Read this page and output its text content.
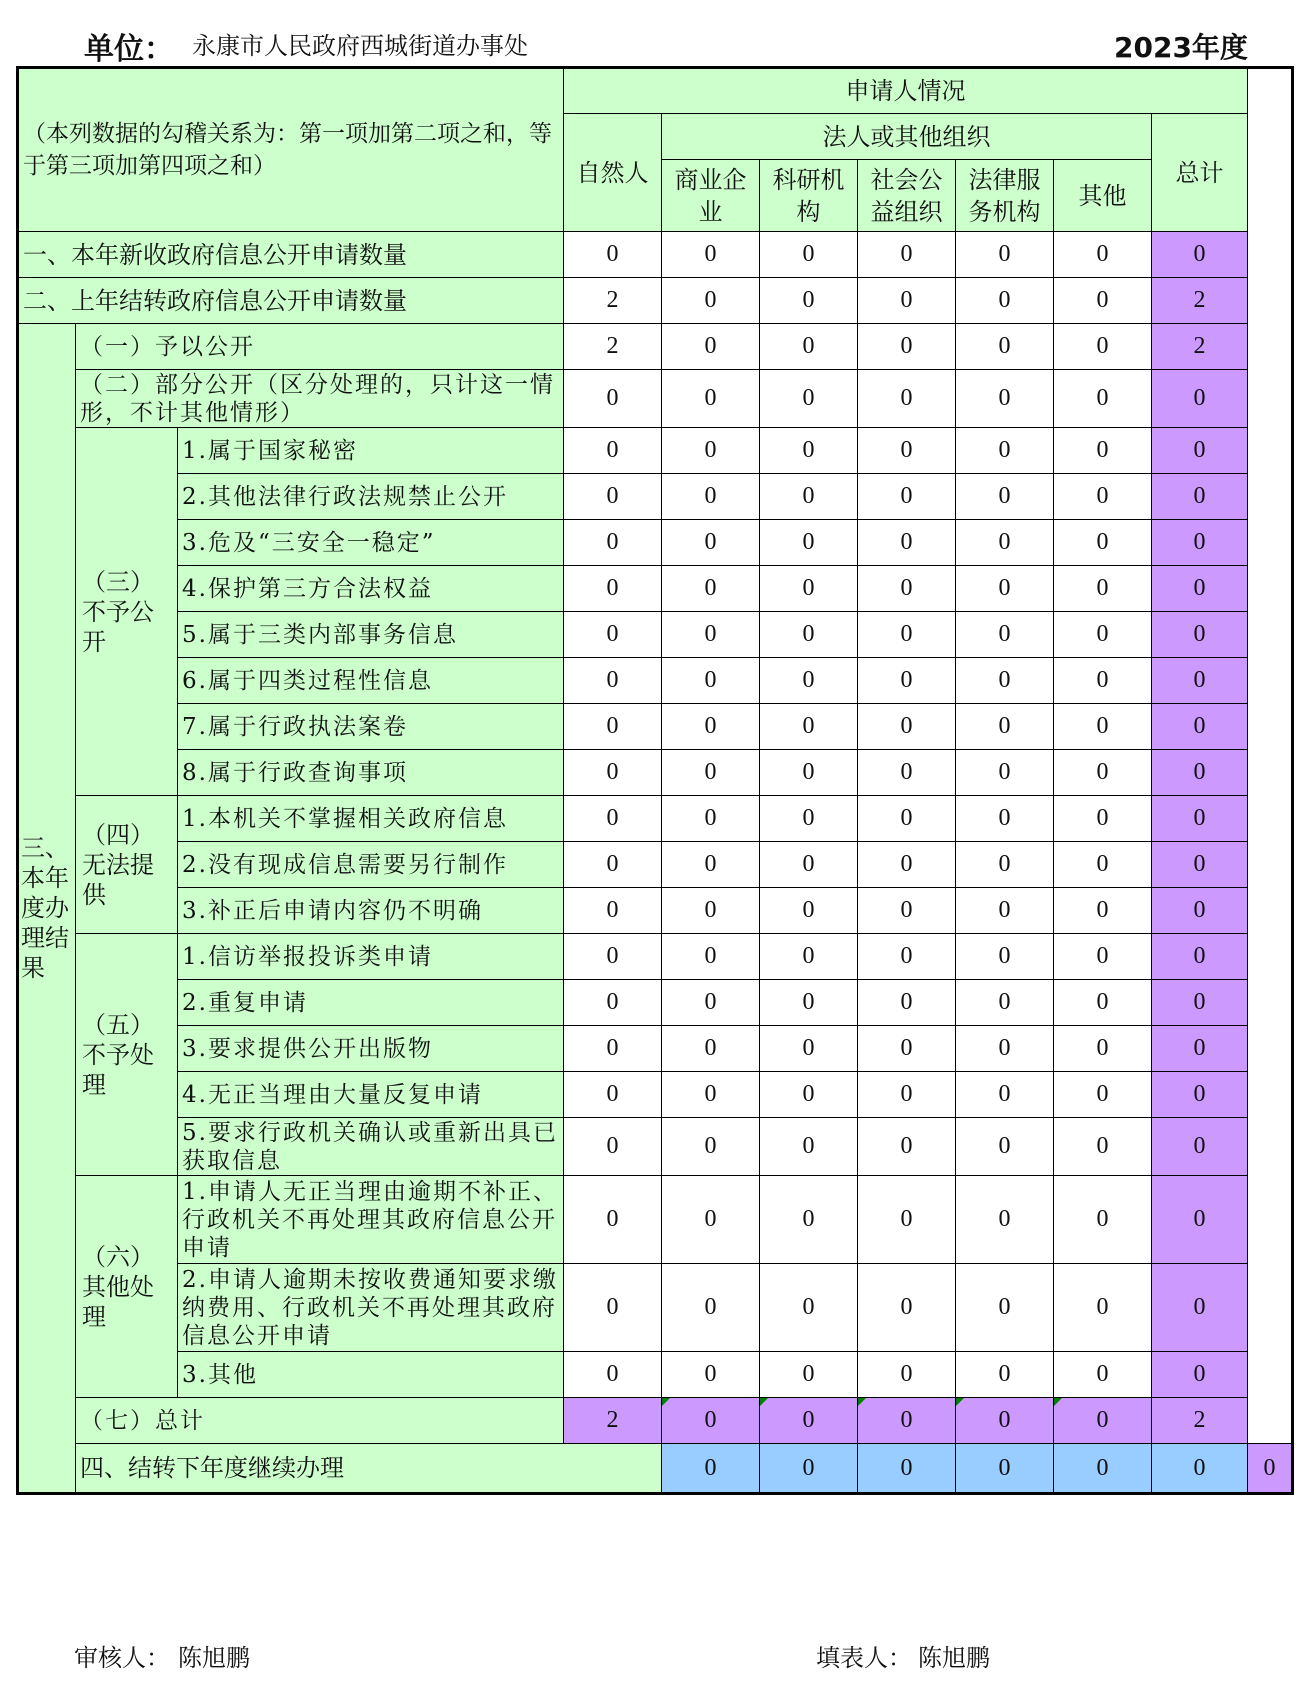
单位： 永康市人民政府西城街道办事处	2023年度
（本列数据的勾稽关系为：第一项加第二项之和，等于第三项加第四项之和）			申请人情况							
			自然人	法人或其他组织					总计	
				商业企业	科研机构	社会公益组织	法律服务机构	其他		
一、本年新收政府信息公开申请数量			0	0	0	0	0	0	0	
二、上年结转政府信息公开申请数量			2	0	0	0	0	0	2	
三、本年度办理结果	（一）予以公开		2	0	0	0	0	0	2	
	（二）部分公开（区分处理的，只计这一情形，不计其他情形）		0	0	0	0	0	0	0	
	（三）不予公开	1.属于国家秘密	0	0	0	0	0	0	0	
		2.其他法律行政法规禁止公开	0	0	0	0	0	0	0	
		3.危及“三安全一稳定”	0	0	0	0	0	0	0	
		4.保护第三方合法权益	0	0	0	0	0	0	0	
		5.属于三类内部事务信息	0	0	0	0	0	0	0	
		6.属于四类过程性信息	0	0	0	0	0	0	0	
		7.属于行政执法案卷	0	0	0	0	0	0	0	
		8.属于行政查询事项	0	0	0	0	0	0	0	
	（四）无法提供	1.本机关不掌握相关政府信息	0	0	0	0	0	0	0	
		2.没有现成信息需要另行制作	0	0	0	0	0	0	0	
		3.补正后申请内容仍不明确	0	0	0	0	0	0	0	
	（五）不予处理	1.信访举报投诉类申请	0	0	0	0	0	0	0	
		2.重复申请	0	0	0	0	0	0	0	
		3.要求提供公开出版物	0	0	0	0	0	0	0	
		4.无正当理由大量反复申请	0	0	0	0	0	0	0	
		5.要求行政机关确认或重新出具已获取信息	0	0	0	0	0	0	0	
	（六）其他处理	1.申请人无正当理由逾期不补正、行政机关不再处理其政府信息公开申请	0	0	0	0	0	0	0	
		2.申请人逾期未按收费通知要求缴纳费用、行政机关不再处理其政府信息公开申请	0	0	0	0	0	0	0	
		3.其他	0	0	0	0	0	0	0	
	（七）总计		2	0	0	0	0	0	2	
	四、结转下年度继续办理			0	0	0	0	0	0	0
审核人： 陈旭鹏	填表人： 陈旭鹏
